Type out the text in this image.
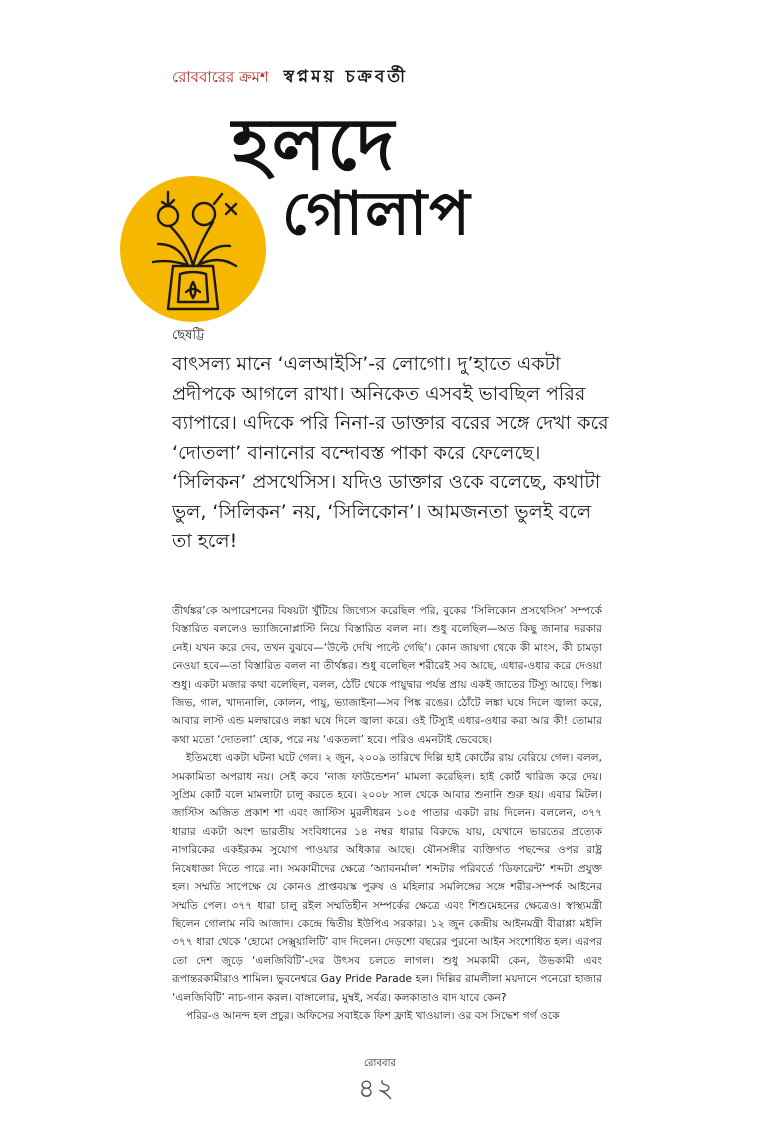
রোববারের ক্রমশ স্বপ্নময় চক্রবর্তী
হলদে
গোলাপ
ছেষট্টি
বাৎসল্য মানে ‘এলআইসি’-র লোগো। দু’হাতে একটা প্রদীপকে আগলে রাখা। অনিকেত এসবই ভাবছিল পরির ব্যাপারে। এদিকে পরি নিনা-র ডাক্তার বরের সঙ্গে দেখা করে ‘দোতলা’ বানানোর বন্দোবস্ত পাকা করে ফেলেছে। ‘সিলিকন’ প্রসথেসিস। যদিও ডাক্তার ওকে বলেছে, কথাটা ভুল, ‘সিলিকন’ নয়, ‘সিলিকোন’। আমজনতা ভুলই বলে তা হলে!

তীর্থঙ্কর’কে অপারেশনের বিষয়টা খুঁটিয়ে জিগ্যেস করেছিল পরি, বুকের ‘সিলিকোন প্রসথেসিস’ সম্পর্কে বিস্তারিত বললেও ভ্যাজিনোপ্লাস্টি নিয়ে বিস্তারিত বলল না। শুধু বলেছিল—অত কিছু জানার দরকার নেই। যখন করে দেব, তখন বুঝবে—‘উল্টে দেখি পাল্টে গেছি’। কোন জায়গা থেকে কী মাংস, কী চামড়া নেওয়া হবে—তা বিস্তারিত বলল না তীর্থঙ্কর। শুধু বলেছিল শরীরেই সব আছে, এধার-ওধার করে দেওয়া শুধু। একটা মজার কথা বলেছিল, বলল, ঠোঁট থেকে পায়ুদ্বার পর্যন্ত প্রায় একই জাতের টিস্যু আছে। পিঙ্ক। জিভ, গাল, খাদ্যনালি, কোলন, পায়ু, ভ্যাজাইনা—সব পিঙ্ক রঙের। ঠোঁটে লঙ্কা ঘষে দিলে জ্বালা করে, আবার লাস্ট এন্ড মলদ্বারেও লঙ্কা ঘষে দিলে জ্বালা করে। ওই টিস্যুই এধার-ওধার করা আর কী! তোমার কথা মতো ‘দোতলা’ হোক, পরে নয় ‘একতলা’ হবে। পরিও এমনটাই ভেবেছে।

ইতিমধ্যে একটা ঘটনা ঘটে গেল। ২ জুন, ২০০৯ তারিখে দিল্লি হাই কোর্টের রায় বেরিয়ে গেল। বলল, সমকামিতা অপরাধ নয়। সেই কবে ‘নাজ ফাউন্ডেশন’ মামলা করেছিল। হাই কোর্ট খারিজ করে দেয়। সুপ্রিম কোর্ট বলে মামলাটা চালু করতে হবে। ২০০৮ সাল থেকে আবার শুনানি শুরু হয়। এবার মিটল। জাস্টিস অজিত প্রকাশ শা এবং জাস্টিস মুরলীধরন ১০৫ পাতার একটা রায় দিলেন। বললেন, ৩৭৭ ধারার একটা অংশ ভারতীয় সংবিধানের ১৪ নম্বর ধারার বিরুদ্ধে যায়, যেখানে ভারতের প্রত্যেক নাগরিকের একইরকম সুযোগ পাওয়ার অধিকার আছে। যৌনসঙ্গীর ব্যক্তিগত পছন্দের ওপর রাষ্ট্র নিষেধাজ্ঞা দিতে পারে না। সমকামীদের ক্ষেত্রে ‘অ্যাবনর্মাল’ শব্দটার পরিবর্তে ‘ডিফারেন্ট’ শব্দটা প্রযুক্ত হল। সম্মতি সাপেক্ষে যে কোনও প্রাপ্তবয়স্ক পুরুষ ও মহিলার সমলিঙ্গের সঙ্গে শরীর-সম্পর্ক আইনের সম্মতি পেল। ৩৭৭ ধারা চালু রইল সম্মতিহীন সম্পর্কের ক্ষেত্রে এবং শিশুমেহনের ক্ষেত্রেও। স্বাস্থ্যমন্ত্রী ছিলেন গোলাম নবি আজাদ। কেন্দ্রে দ্বিতীয় ইউপিএ সরকার। ১২ জুন কেন্দ্রীয় আইনমন্ত্রী বীরাপ্পা মইলি ৩৭৭ ধারা থেকে ‘হোমো সেক্সুয়ালিটি’ বাদ দিলেন। দেড়শো বছরের পুরনো আইন সংশোধিত হল। এরপর তো দেশ জুড়ে ‘এলজিবিটি’-দের উৎসব চলতে লাগল। শুধু সমকামী কেন, উভকামী এবং রূপান্তরকামীরাও শামিল। ভুবনেশ্বরে Gay Pride Parade হল। দিল্লির রামলীলা ময়দানে পনেরো হাজার ‘এলজিবিটি’ নাচ-গান করল। বাঙ্গালোর, মুম্বই, সর্বত্র। কলকাতাও বাদ যাবে কেন?

পরির-ও আনন্দ হল প্রচুর। অফিসের সবাইকে ফিশ ফ্রাই খাওয়াল। ওর বস সিদ্ধেশ গর্গ ওকে

রোববার
৪২
